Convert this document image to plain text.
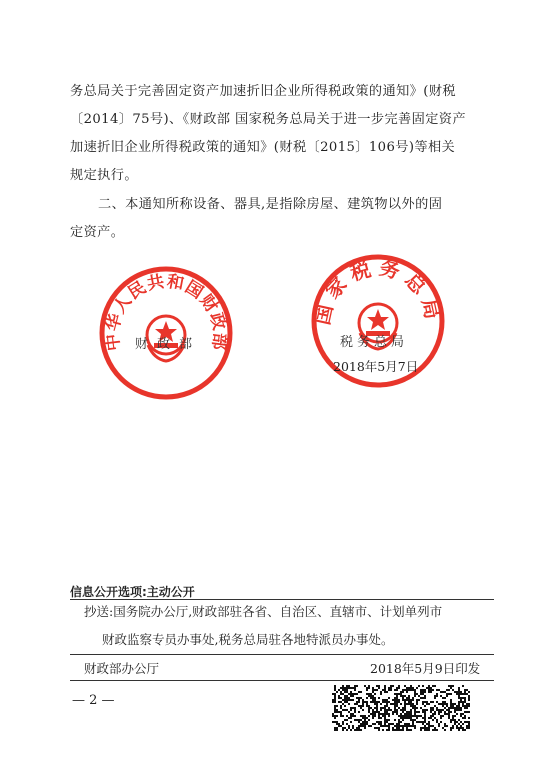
务总局关于完善固定资产加速折旧企业所得税政策的通知》(财税
〔2014〕75号)、《财政部 国家税务总局关于进一步完善固定资产
加速折旧企业所得税政策的通知》(财税〔2015〕106号)等相关
规定执行。
二、本通知所称设备、器具,是指除房屋、建筑物以外的固
定资产。
中华人民共和国财政部
国家税务总局
财政部	税务总局
2018年5月7日
信息公开选项:主动公开
抄送:国务院办公厅,财政部驻各省、自治区、直辖市、计划单列市
财政监察专员办事处,税务总局驻各地特派员办事处。
财政部办公厅	2018年5月9日印发
— 2 —
